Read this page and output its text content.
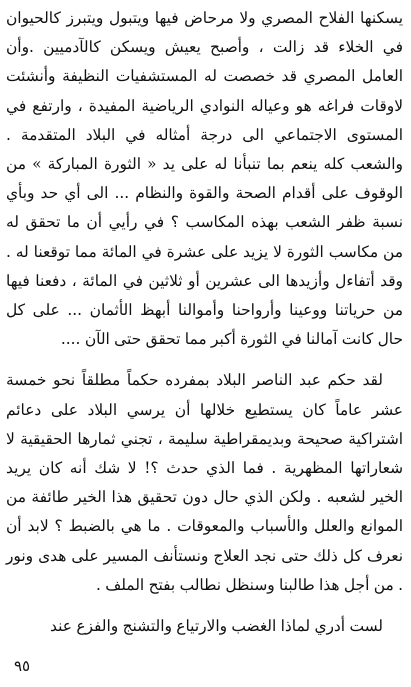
يسكنها الفلاح المصري ولا مرحاض فيها ويتبول ويتبرز كالحيوان في الخلاء قد زالت ، وأصبح يعيش ويسكن كالآدميين .وأن العامل المصري قد خصصت له المستشفيات النظيفة وأنشئت لاوقات فراغه هو وعياله النوادي الرياضية المفيدة ، وارتفع في المستوى الاجتماعي الى درجة أمثاله في البلاد المتقدمة . والشعب كله ينعم بما تنبأنا له على يد « الثورة المباركة » من الوقوف على أقدام الصحة والقوة والنظام ... الى أي حد وبأي نسبة ظفر الشعب بهذه المكاسب ؟ في رأيي أن ما تحقق له من مكاسب الثورة لا يزيد على عشرة في المائة مما توقعنا له . وقد أتفاءل وأزيدها الى عشرين أو ثلاثين في المائة ، دفعنا فيها من حرياتنا ووعينا وأرواحنا وأموالنا أبهظ الأثمان ... على كل حال كانت آمالنا في الثورة أكبر مما تحقق حتى الآن ....

لقد حكم عبد الناصر البلاد بمفرده حكماً مطلقاً نحو خمسة عشر عاماً كان يستطيع خلالها أن يرسي البلاد على دعائم اشتراكية صحيحة وبديمقراطية سليمة ، تجني ثمارها الحقيقية لا شعاراتها المظهرية . فما الذي حدث ؟! لا شك أنه كان يريد الخير لشعبه . ولكن الذي حال دون تحقيق هذا الخير طائفة من الموانع والعلل والأسباب والمعوقات . ما هي بالضبط ؟ لابد أن نعرف كل ذلك حتى نجد العلاج ونستأنف المسير على هدى ونور . من أجل هذا طالبنا وسنظل نطالب بفتح الملف .

لست أدري لماذا الغضب والارتياع والتشنج والفزع عند

٩٥
